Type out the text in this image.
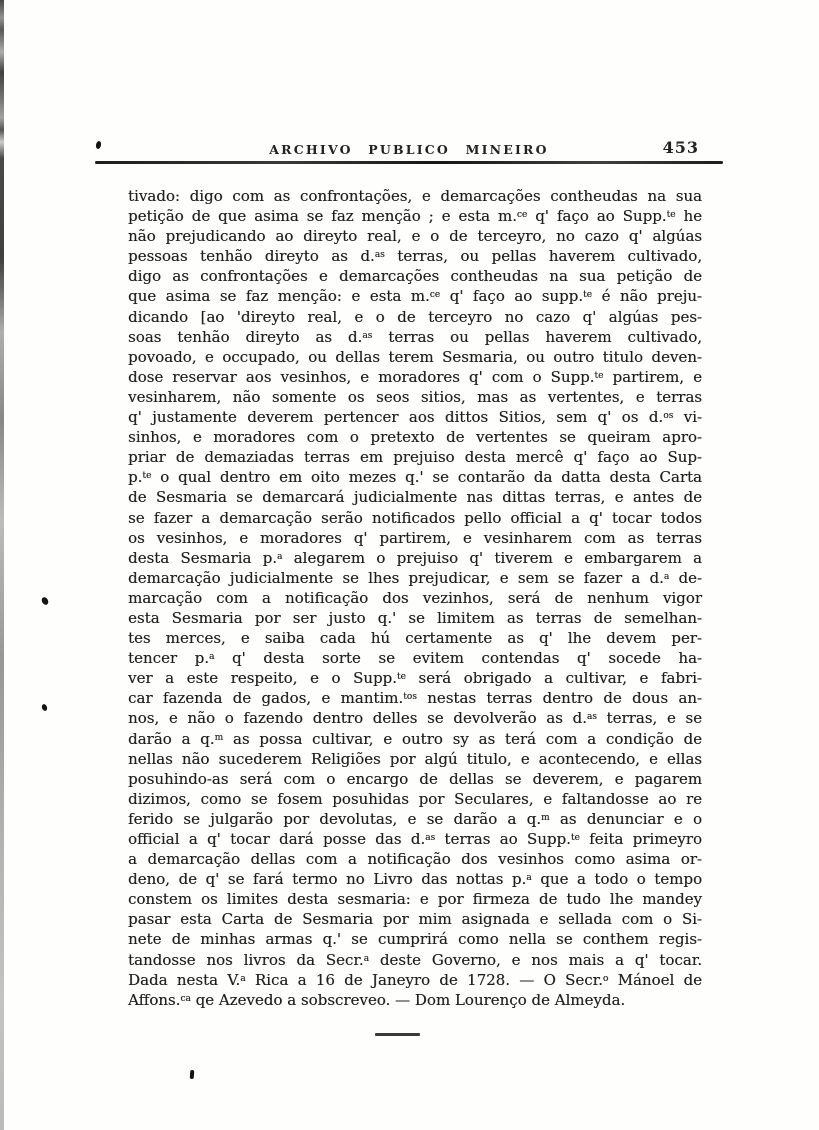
ARCHIVO PUBLICO MINEIRO	453
tivado: digo com as confrontações, e demarcações contheudas na sua
petição de que asima se faz menção ; e esta m.$^{ce}$ q' faço ao Supp.$^{te}$ he
não prejudicando ao direyto real, e o de terceyro, no cazo q' algúas
pessoas tenhão direyto as d.$^{as}$ terras, ou pellas haverem cultivado,
digo as confrontações e demarcações contheudas na sua petição de
que asima se faz menção: e esta m.$^{ce}$ q' faço ao supp.$^{te}$ é não preju-
dicando [ao 'direyto real, e o de terceyro no cazo q' algúas pes-
soas tenhão direyto as d.$^{as}$ terras ou pellas haverem cultivado,
povoado, e occupado, ou dellas terem Sesmaria, ou outro titulo deven-
dose reservar aos vesinhos, e moradores q' com o Supp.$^{te}$ partirem, e
vesinharem, não somente os seos sitios, mas as vertentes, e terras
q' justamente deverem pertencer aos dittos Sitios, sem q' os d.$^{os}$ vi-
sinhos, e moradores com o pretexto de vertentes se queiram apro-
priar de demaziadas terras em prejuiso desta mercê q' faço ao Sup-
p.$^{te}$ o qual dentro em oito mezes q.' se contarão da datta desta Carta
de Sesmaria se demarcará judicialmente nas dittas terras, e antes de
se fazer a demarcação serão notificados pello official a q' tocar todos
os vesinhos, e moradores q' partirem, e vesinharem com as terras
desta Sesmaria p.$^a$ alegarem o prejuiso q' tiverem e embargarem a
demarcação judicialmente se lhes prejudicar, e sem se fazer a d.$^a$ de-
marcação com a notificação dos vezinhos, será de nenhum vigor
esta Sesmaria por ser justo q.' se limitem as terras de semelhan-
tes merces, e saiba cada hú certamente as q' lhe devem per-
tencer p.$^a$ q' desta sorte se evitem contendas q' socede ha-
ver a este respeito, e o Supp.$^{te}$ será obrigado a cultivar, e fabri-
car fazenda de gados, e mantim.$^{tos}$ nestas terras dentro de dous an-
nos, e não o fazendo dentro delles se devolverão as d.$^{as}$ terras, e se
darão a q.$^m$ as possa cultivar, e outro sy as terá com a condição de
nellas não sucederem Religiões por algú titulo, e acontecendo, e ellas
posuhindo-as será com o encargo de dellas se deverem, e pagarem
dizimos, como se fosem posuhidas por Seculares, e faltandosse ao re
ferido se julgarão por devolutas, e se darão a q.$^m$ as denunciar e o
official a q' tocar dará posse das d.$^{as}$ terras ao Supp.$^{te}$ feita primeyro
a demarcação dellas com a notificação dos vesinhos como asima or-
deno, de q' se fará termo no Livro das nottas p.$^a$ que a todo o tempo
constem os limites desta sesmaria: e por firmeza de tudo lhe mandey
pasar esta Carta de Sesmaria por mim asignada e sellada com o Si-
nete de minhas armas q.' se cumprirá como nella se conthem regis-
tandosse nos livros da Secr.$^a$ deste Governo, e nos mais a q' tocar.
Dada nesta V.$^a$ Rica a 16 de Janeyro de 1728. — O Secr.$^o$ Mánoel de
Affons.$^{ca}$ qe Azevedo a sobscreveo. — Dom Lourenço de Almeyda.
